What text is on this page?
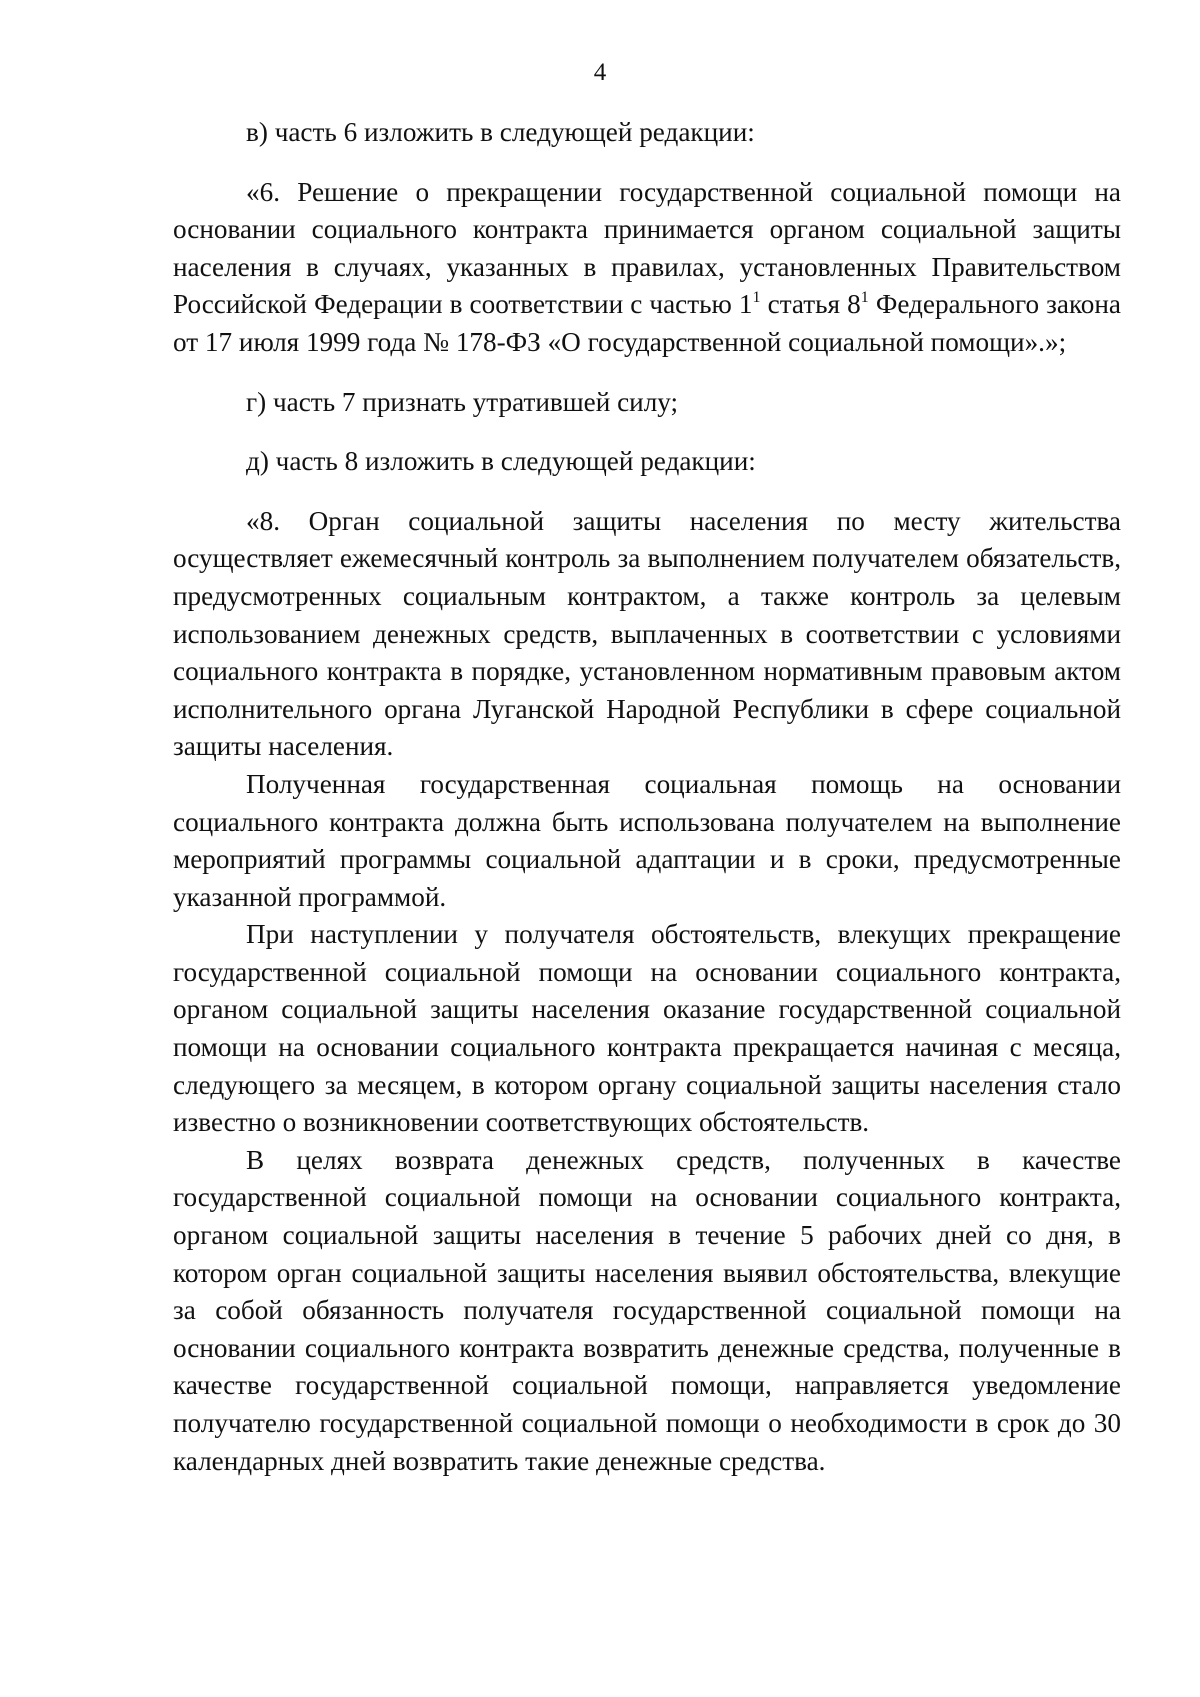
4

в) часть 6 изложить в следующей редакции:

«6. Решение о прекращении государственной социальной помощи на основании социального контракта принимается органом социальной защиты населения в случаях, указанных в правилах, установленных Правительством Российской Федерации в соответствии с частью $1^1$ статья $8^1$ Федерального закона от 17 июля 1999 года № 178-ФЗ «О государственной социальной помощи».»;

г) часть 7 признать утратившей силу;

д) часть 8 изложить в следующей редакции:

«8. Орган социальной защиты населения по месту жительства осуществляет ежемесячный контроль за выполнением получателем обязательств, предусмотренных социальным контрактом, а также контроль за целевым использованием денежных средств, выплаченных в соответствии с условиями социального контракта в порядке, установленном нормативным правовым актом исполнительного органа Луганской Народной Республики в сфере социальной защиты населения.

Полученная государственная социальная помощь на основании социального контракта должна быть использована получателем на выполнение мероприятий программы социальной адаптации и в сроки, предусмотренные указанной программой.

При наступлении у получателя обстоятельств, влекущих прекращение государственной социальной помощи на основании социального контракта, органом социальной защиты населения оказание государственной социальной помощи на основании социального контракта прекращается начиная с месяца, следующего за месяцем, в котором органу социальной защиты населения стало известно о возникновении соответствующих обстоятельств.

В целях возврата денежных средств, полученных в качестве государственной социальной помощи на основании социального контракта, органом социальной защиты населения в течение 5 рабочих дней со дня, в котором орган социальной защиты населения выявил обстоятельства, влекущие за собой обязанность получателя государственной социальной помощи на основании социального контракта возвратить денежные средства, полученные в качестве государственной социальной помощи, направляется уведомление получателю государственной социальной помощи о необходимости в срок до 30 календарных дней возвратить такие денежные средства.
